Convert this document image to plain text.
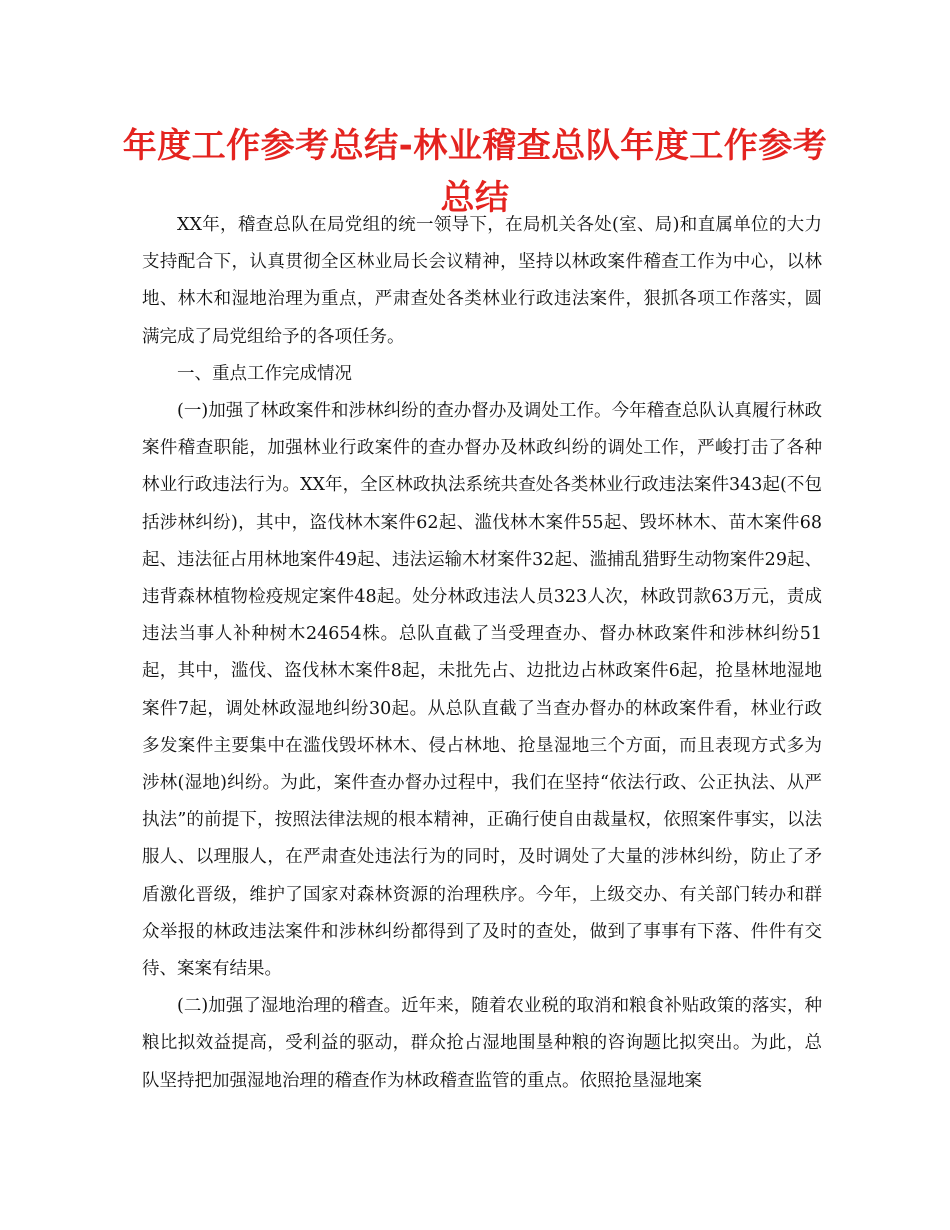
年度工作参考总结-林业稽查总队年度工作参考总结

XX年，稽查总队在局党组的统一领导下，在局机关各处(室、局)和直属单位的大力支持配合下，认真贯彻全区林业局长会议精神，坚持以林政案件稽查工作为中心，以林地、林木和湿地治理为重点，严肃查处各类林业行政违法案件，狠抓各项工作落实，圆满完成了局党组给予的各项任务。

一、重点工作完成情况

(一)加强了林政案件和涉林纠纷的查办督办及调处工作。今年稽查总队认真履行林政案件稽查职能，加强林业行政案件的查办督办及林政纠纷的调处工作，严峻打击了各种林业行政违法行为。XX年，全区林政执法系统共查处各类林业行政违法案件343起(不包括涉林纠纷)，其中，盗伐林木案件62起、滥伐林木案件55起、毁坏林木、苗木案件68起、违法征占用林地案件49起、违法运输木材案件32起、滥捕乱猎野生动物案件29起、违背森林植物检疫规定案件48起。处分林政违法人员323人次，林政罚款63万元，责成违法当事人补种树木24654株。总队直截了当受理查办、督办林政案件和涉林纠纷51起，其中，滥伐、盗伐林木案件8起，未批先占、边批边占林政案件6起，抢垦林地湿地案件7起，调处林政湿地纠纷30起。从总队直截了当查办督办的林政案件看，林业行政多发案件主要集中在滥伐毁坏林木、侵占林地、抢垦湿地三个方面，而且表现方式多为涉林(湿地)纠纷。为此，案件查办督办过程中，我们在坚持“依法行政、公正执法、从严执法”的前提下，按照法律法规的根本精神，正确行使自由裁量权，依照案件事实，以法服人、以理服人，在严肃查处违法行为的同时，及时调处了大量的涉林纠纷，防止了矛盾激化晋级，维护了国家对森林资源的治理秩序。今年，上级交办、有关部门转办和群众举报的林政违法案件和涉林纠纷都得到了及时的查处，做到了事事有下落、件件有交待、案案有结果。

(二)加强了湿地治理的稽查。近年来，随着农业税的取消和粮食补贴政策的落实，种粮比拟效益提高，受利益的驱动，群众抢占湿地围垦种粮的咨询题比拟突出。为此，总队坚持把加强湿地治理的稽查作为林政稽查监管的重点。依照抢垦湿地案
